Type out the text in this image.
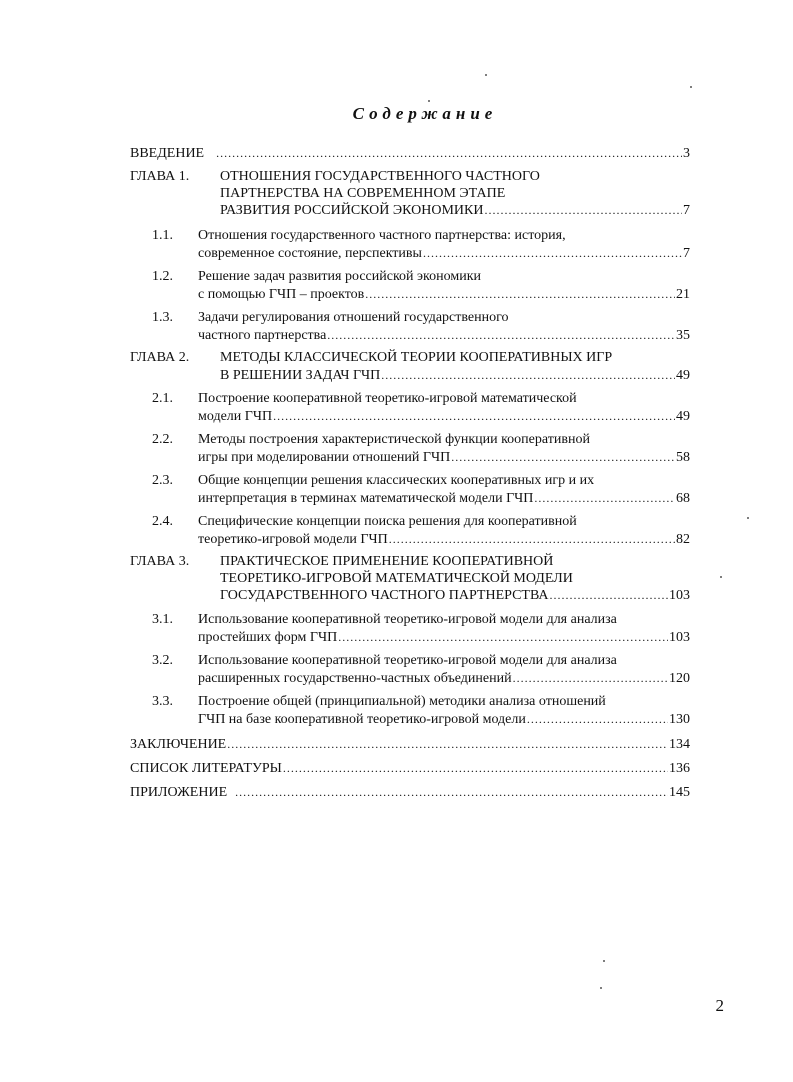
Содержание
ВВЕДЕНИЕ .....	3
ГЛАВА 1. ОТНОШЕНИЯ ГОСУДАРСТВЕННОГО ЧАСТНОГО
ПАРТНЕРСТВА НА СОВРЕМЕННОМ ЭТАПЕ
РАЗВИТИЯ РОССИЙСКОЙ ЭКОНОМИКИ .....	7
1.1. Отношения государственного частного партнерства: история,
современное состояние, перспективы .....	7
1.2. Решение задач развития российской экономики
с помощью ГЧП – проектов .....	21
1.3. Задачи регулирования отношений государственного
частного партнерства .....	35
ГЛАВА 2. МЕТОДЫ КЛАССИЧЕСКОЙ ТЕОРИИ КООПЕРАТИВНЫХ ИГР
В РЕШЕНИИ ЗАДАЧ ГЧП .....	49
2.1. Построение кооперативной теоретико-игровой математической
модели ГЧП .....	49
2.2. Методы построения характеристической функции кооперативной
игры при моделировании отношений ГЧП .....	58
2.3. Общие концепции решения классических кооперативных игр и их
интерпретация в терминах математической модели ГЧП .....	68
2.4. Специфические концепции поиска решения для кооперативной
теоретико-игровой модели ГЧП .....	82
ГЛАВА 3. ПРАКТИЧЕСКОЕ ПРИМЕНЕНИЕ КООПЕРАТИВНОЙ
ТЕОРЕТИКО-ИГРОВОЙ МАТЕМАТИЧЕСКОЙ МОДЕЛИ
ГОСУДАРСТВЕННОГО ЧАСТНОГО ПАРТНЕРСТВА .....	103
3.1. Использование кооперативной теоретико-игровой модели для анализа
простейших форм ГЧП .....	103
3.2. Использование кооперативной теоретико-игровой модели для анализа
расширенных государственно-частных объединений .....	120
3.3. Построение общей (принципиальной) методики анализа отношений
ГЧП на базе кооперативной теоретико-игровой модели .....	130
ЗАКЛЮЧЕНИЕ .....	134
СПИСОК ЛИТЕРАТУРЫ .....	136
ПРИЛОЖЕНИЕ .....	145
2
